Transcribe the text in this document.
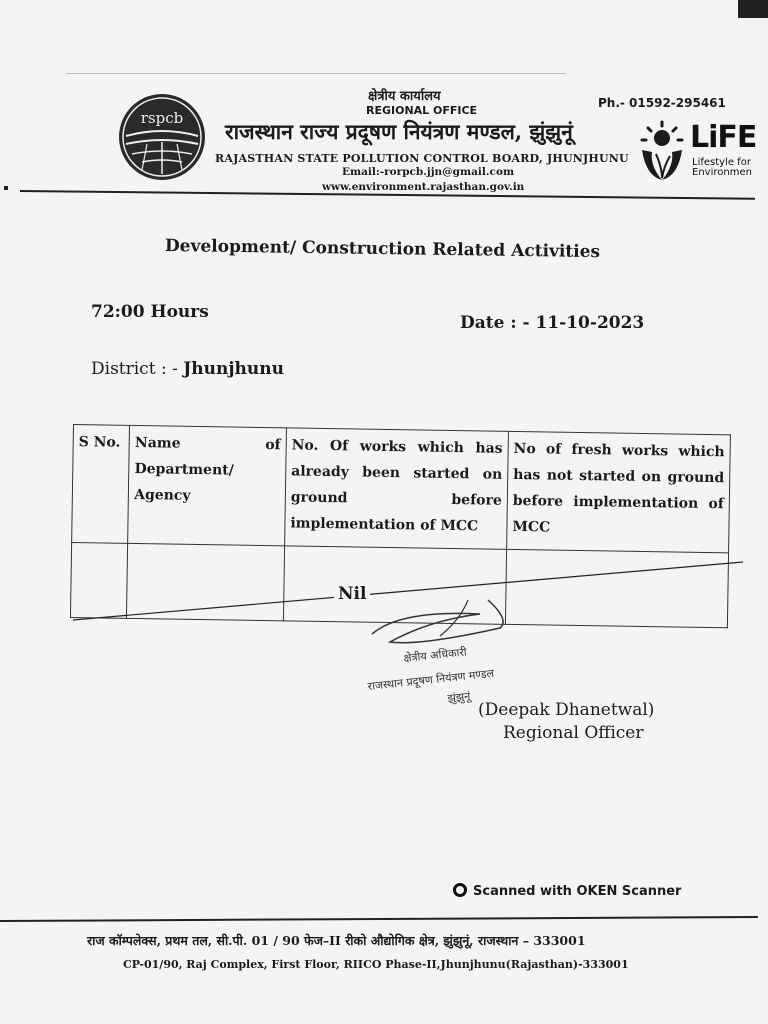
rspcb
क्षेत्रीय कार्यालय
REGIONAL OFFICE
राजस्थान राज्य प्रदूषण नियंत्रण मण्डल, झुंझुनूं
RAJASTHAN STATE POLLUTION CONTROL BOARD, JHUNJHUNU
Email:-rorpcb.jjn@gmail.com
www.environment.rajasthan.gov.in
Ph.- 01592-295461
LiFE
Lifestyle for Environmen
Development/ Construction Related Activities
72:00 Hours
Date : - 11-10-2023
District : - Jhunjhunu
S No.	Name of Department/ Agency	No. Of works which has already been started on ground before implementation of MCC	No of fresh works which has not started on ground before implementation of MCC

Nil
क्षेत्रीय अधिकारी
राजस्थान प्रदूषण नियंत्रण मण्डल
झुंझुनूं
(Deepak Dhanetwal)
Regional Officer
Scanned with OKEN Scanner
राज कॉम्पलेक्स, प्रथम तल, सी.पी. 01 / 90 फेज–II रीको औद्योगिक क्षेत्र, झुंझुनूं, राजस्थान – 333001
CP-01/90, Raj Complex, First Floor, RIICO Phase-II,Jhunjhunu(Rajasthan)-333001
